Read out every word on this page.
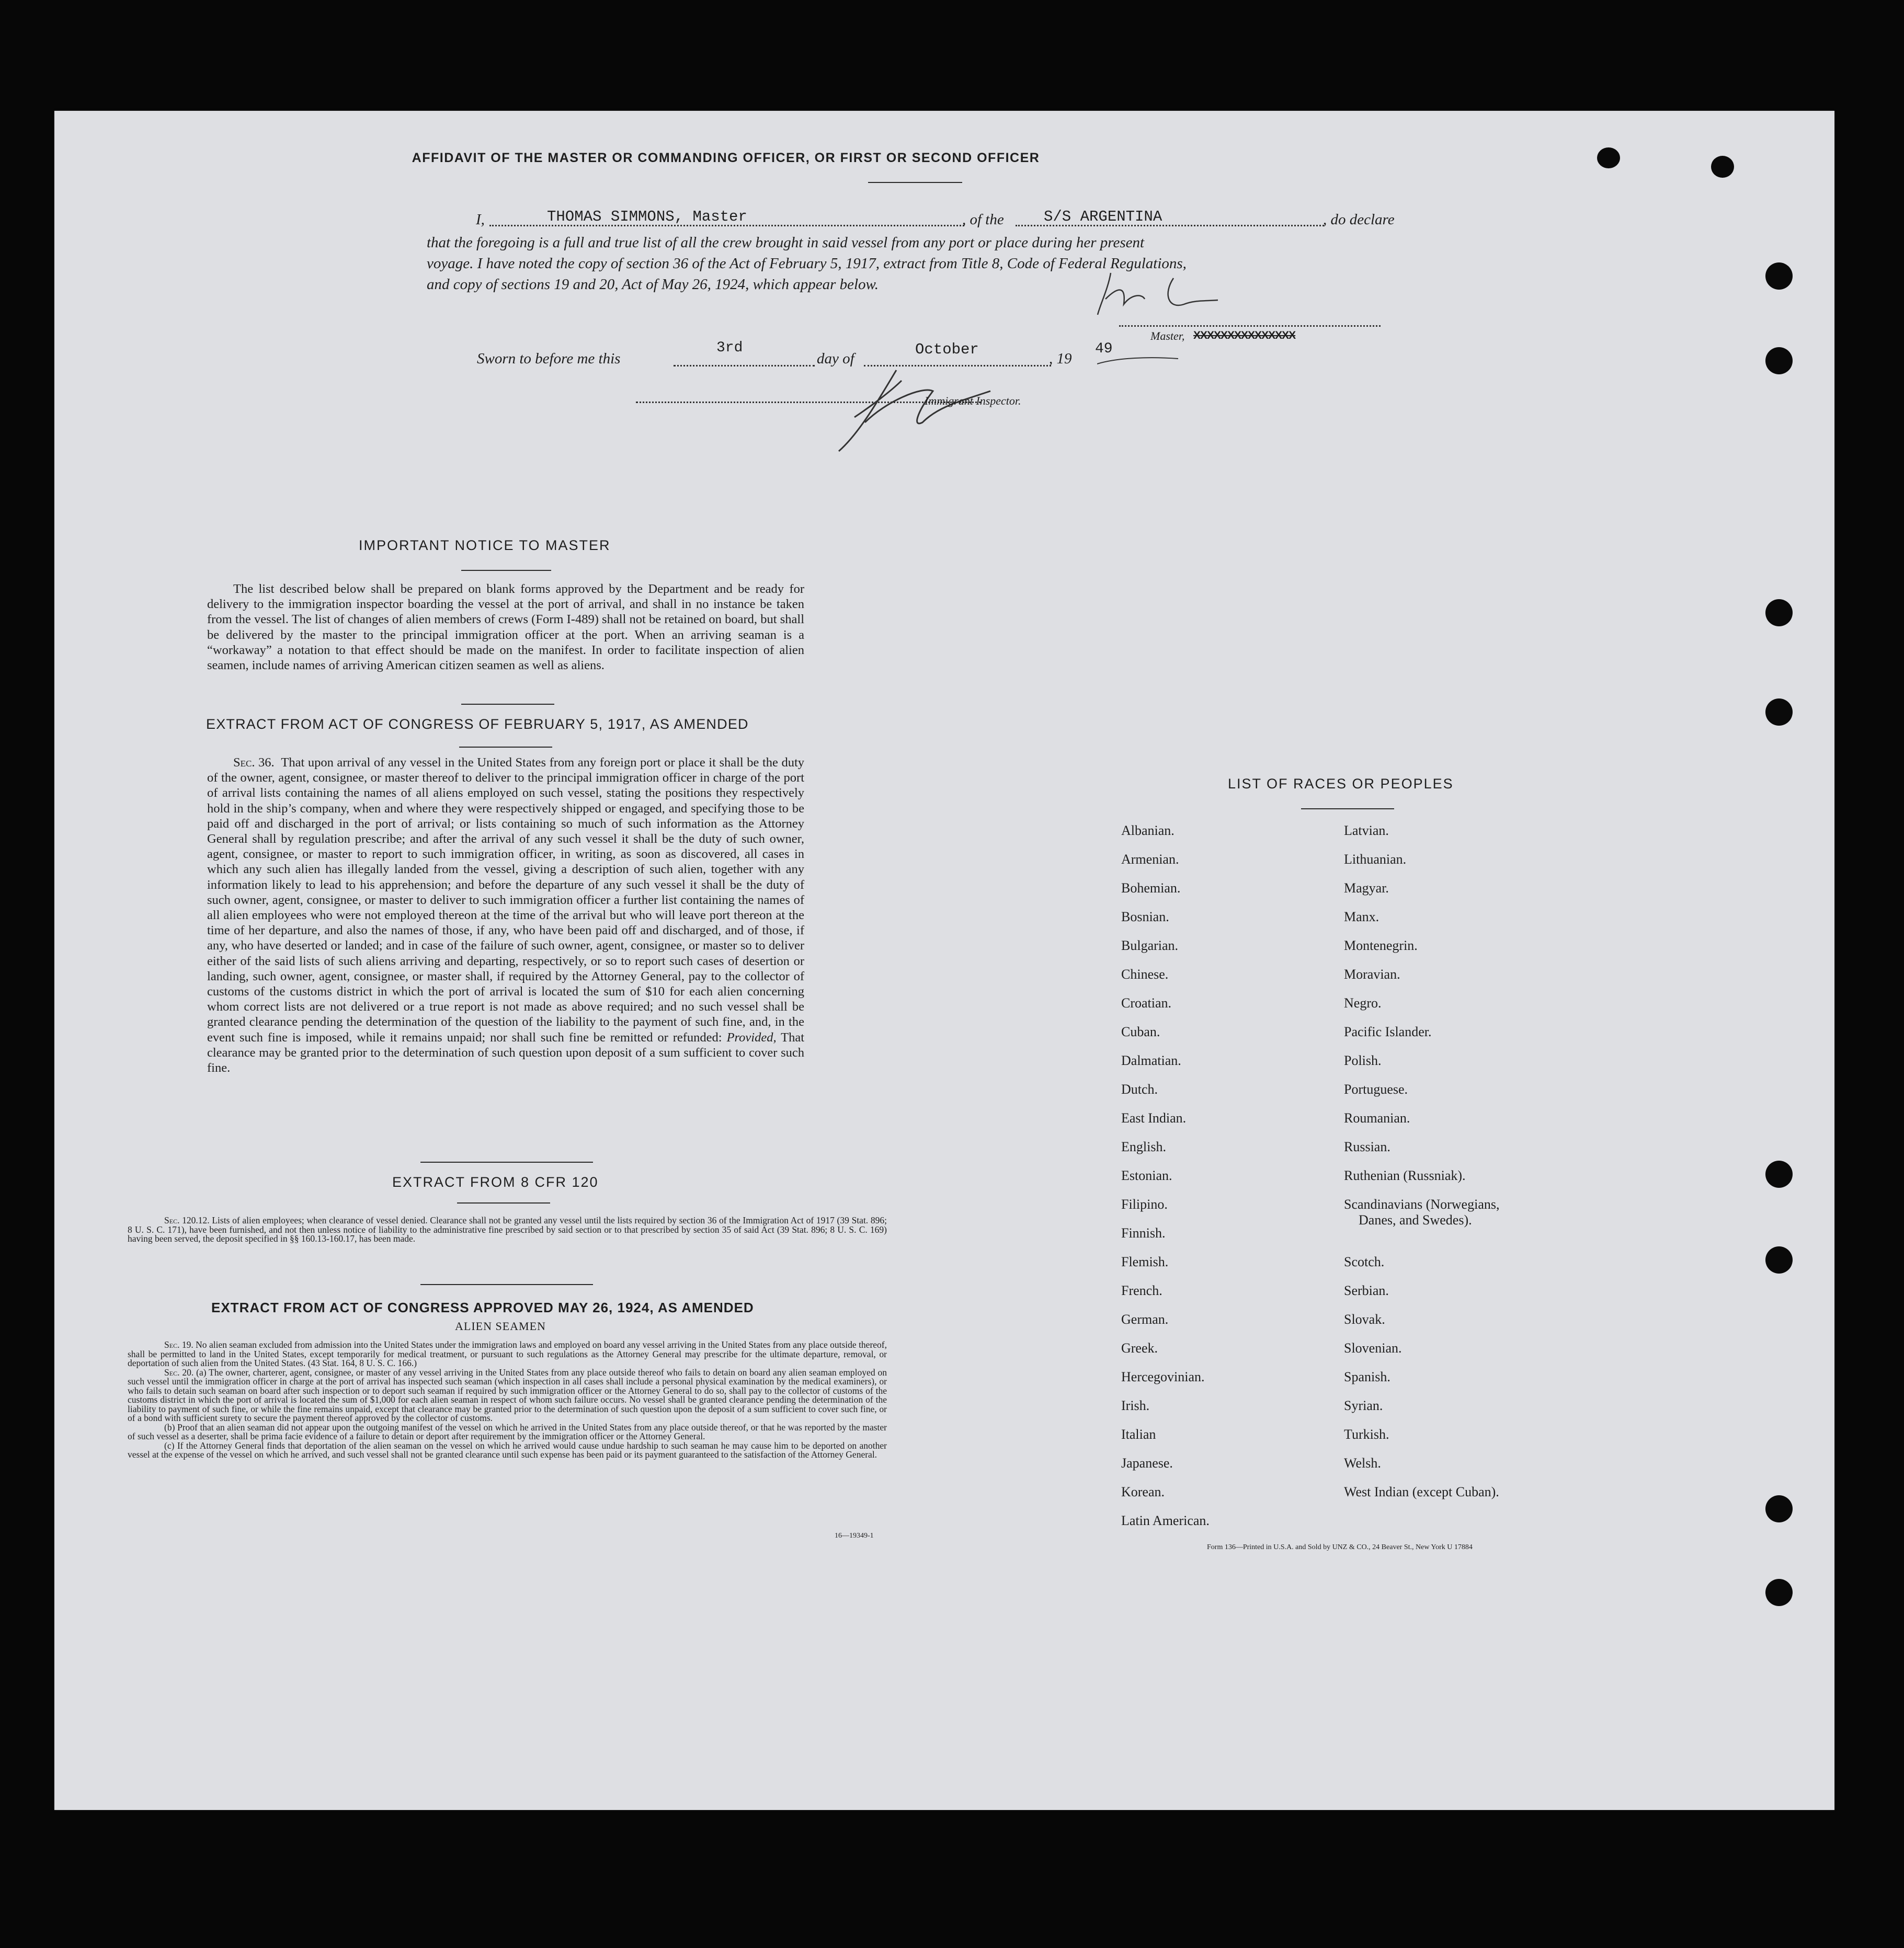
AFFIDAVIT OF THE MASTER OR COMMANDING OFFICER, OR FIRST OR SECOND OFFICER
I,	THOMAS SIMMONS, Master	, of the	S/S ARGENTINA	, do declare
that the foregoing is a full and true list of all the crew brought in said vessel from any port or place during her present
voyage. I have noted the copy of section 36 of the Act of February 5, 1917, extract from Title 8, Code of Federal Regulations,
and copy of sections 19 and 20, Act of May 26, 1924, which appear below.
Master, XXXXXXXXXXXXXXX
Sworn to before me this
3rd
day of
October
, 19
49
Immigrant Inspector.
IMPORTANT NOTICE TO MASTER

The list described below shall be prepared on blank forms approved by the Department and be ready for delivery to the immigration inspector boarding the vessel at the port of arrival, and shall in no instance be taken from the vessel. The list of changes of alien members of crews (Form I-489) shall not be retained on board, but shall be delivered by the master to the principal immigration officer at the port. When an arriving seaman is a “workaway” a notation to that effect should be made on the manifest. In order to facilitate inspection of alien seamen, include names of arriving American citizen seamen as well as aliens.

EXTRACT FROM ACT OF CONGRESS OF FEBRUARY 5, 1917, AS AMENDED

Sec. 36. That upon arrival of any vessel in the United States from any foreign port or place it shall be the duty of the owner, agent, consignee, or master thereof to deliver to the principal immigration officer in charge of the port of arrival lists containing the names of all aliens employed on such vessel, stating the positions they respectively hold in the ship’s company, when and where they were respectively shipped or engaged, and specifying those to be paid off and discharged in the port of arrival; or lists containing so much of such information as the Attorney General shall by regulation prescribe; and after the arrival of any such vessel it shall be the duty of such owner, agent, consignee, or master to report to such immigration officer, in writing, as soon as discovered, all cases in which any such alien has illegally landed from the vessel, giving a description of such alien, together with any information likely to lead to his apprehension; and before the departure of any such vessel it shall be the duty of such owner, agent, consignee, or master to deliver to such immigration officer a further list containing the names of all alien employees who were not employed thereon at the time of the arrival but who will leave port thereon at the time of her departure, and also the names of those, if any, who have been paid off and discharged, and of those, if any, who have deserted or landed; and in case of the failure of such owner, agent, consignee, or master so to deliver either of the said lists of such aliens arriving and departing, respectively, or so to report such cases of desertion or landing, such owner, agent, consignee, or master shall, if required by the Attorney General, pay to the collector of customs of the customs district in which the port of arrival is located the sum of $10 for each alien concerning whom correct lists are not delivered or a true report is not made as above required; and no such vessel shall be granted clearance pending the determination of the question of the liability to the payment of such fine, and, in the event such fine is imposed, while it remains unpaid; nor shall such fine be remitted or refunded: Provided, That clearance may be granted prior to the determination of such question upon deposit of a sum sufficient to cover such fine.

EXTRACT FROM 8 CFR 120

Sec. 120.12. Lists of alien employees; when clearance of vessel denied. Clearance shall not be granted any vessel until the lists required by section 36 of the Immigration Act of 1917 (39 Stat. 896; 8 U. S. C. 171), have been furnished, and not then unless notice of liability to the administrative fine prescribed by said section or to that prescribed by section 35 of said Act (39 Stat. 896; 8 U. S. C. 169) having been served, the deposit specified in §§ 160.13-160.17, has been made.

EXTRACT FROM ACT OF CONGRESS APPROVED MAY 26, 1924, AS AMENDED
ALIEN SEAMEN

Sec. 19. No alien seaman excluded from admission into the United States under the immigration laws and employed on board any vessel arriving in the United States from any place outside thereof, shall be permitted to land in the United States, except temporarily for medical treatment, or pursuant to such regulations as the Attorney General may prescribe for the ultimate departure, removal, or deportation of such alien from the United States. (43 Stat. 164, 8 U. S. C. 166.)

Sec. 20. (a) The owner, charterer, agent, consignee, or master of any vessel arriving in the United States from any place outside thereof who fails to detain on board any alien seaman employed on such vessel until the immigration officer in charge at the port of arrival has inspected such seaman (which inspection in all cases shall include a personal physical examination by the medical examiners), or who fails to detain such seaman on board after such inspection or to deport such seaman if required by such immigration officer or the Attorney General to do so, shall pay to the collector of customs of the customs district in which the port of arrival is located the sum of $1,000 for each alien seaman in respect of whom such failure occurs. No vessel shall be granted clearance pending the determination of the liability to payment of such fine, or while the fine remains unpaid, except that clearance may be granted prior to the determination of such question upon the deposit of a sum sufficient to cover such fine, or of a bond with sufficient surety to secure the payment thereof approved by the collector of customs.

(b) Proof that an alien seaman did not appear upon the outgoing manifest of the vessel on which he arrived in the United States from any place outside thereof, or that he was reported by the master of such vessel as a deserter, shall be prima facie evidence of a failure to detain or deport after requirement by the immigration officer or the Attorney General.

(c) If the Attorney General finds that deportation of the alien seaman on the vessel on which he arrived would cause undue hardship to such seaman he may cause him to be deported on another vessel at the expense of the vessel on which he arrived, and such vessel shall not be granted clearance until such expense has been paid or its payment guaranteed to the satisfaction of the Attorney General.

16—19349-1
LIST OF RACES OR PEOPLES
Form 136—Printed in U.S.A. and Sold by UNZ & CO., 24 Beaver St., New York U 17884
Albanian.
Armenian.
Bohemian.
Bosnian.
Bulgarian.
Chinese.
Croatian.
Cuban.
Dalmatian.
Dutch.
East Indian.
English.
Estonian.
Filipino.
Finnish.
Flemish.
French.
German.
Greek.
Hercegovinian.
Irish.
Italian
Japanese.
Korean.
Latin American.
Latvian.
Lithuanian.
Magyar.
Manx.
Montenegrin.
Moravian.
Negro.
Pacific Islander.
Polish.
Portuguese.
Roumanian.
Russian.
Ruthenian (Russniak).
Scandinavians (Norwegians,
Danes, and Swedes).
Scotch.
Serbian.
Slovak.
Slovenian.
Spanish.
Syrian.
Turkish.
Welsh.
West Indian (except Cuban).
